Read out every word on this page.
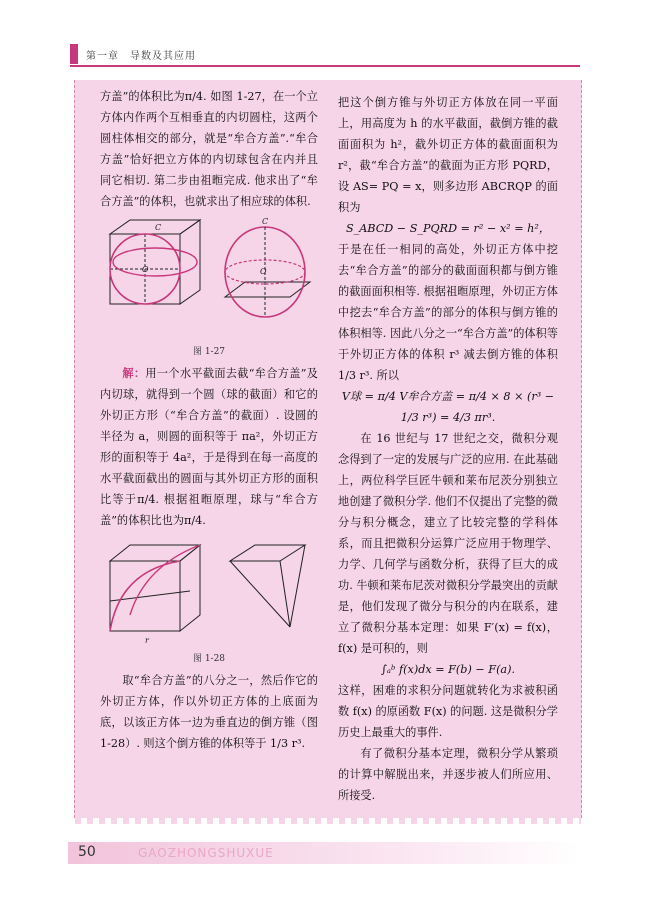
第一章　导数及其应用

方盖”的体积比为π/4. 如图 1-27，在一个立方体内作两个互相垂直的内切圆柱，这两个圆柱体相交的部分，就是“牟合方盖”.“牟合方盖”恰好把立方体的内切球包含在内并且同它相切. 第二步由祖暅完成. 他求出了“牟合方盖”的体积，也就求出了相应球的体积.

C
C
O	O

图 1-27

解：用一个水平截面去截“牟合方盖”及内切球，就得到一个圆（球的截面）和它的外切正方形（“牟合方盖”的截面）. 设圆的半径为 a，则圆的面积等于 πa²，外切正方形的面积等于 4a²，于是得到在每一高度的水平截面截出的圆面与其外切正方形的面积比等于π/4. 根据祖暅原理，球与“牟合方盖”的体积比也为π/4.

r

图 1-28

取“牟合方盖”的八分之一，然后作它的外切正方体，作以外切正方体的上底面为底，以该正方体一边为垂直边的倒方锥（图 1-28）. 则这个倒方锥的体积等于 1/3 r³.

把这个倒方锥与外切正方体放在同一平面上，用高度为 h 的水平截面，截倒方锥的截面面积为 h²，截外切正方体的截面面积为 r²，截“牟合方盖”的截面为正方形 PQRD，设 AS= PQ = x，则多边形 ABCRQP 的面积为

S_ABCD − S_PQRD = r² − x² = h²，

于是在任一相同的高处，外切正方体中挖去“牟合方盖”的部分的截面面积都与倒方锥的截面面积相等. 根据祖暅原理，外切正方体中挖去“牟合方盖”的部分的体积与倒方锥的体积相等. 因此八分之一“牟合方盖”的体积等于外切正方体的体积 r³ 减去倒方锥的体积 1/3 r³. 所以

V球 = π/4 V牟合方盖 = π/4 × 8 × (r³ − 1/3 r³) = 4/3 πr³.

在 16 世纪与 17 世纪之交，微积分观念得到了一定的发展与广泛的应用. 在此基础上，两位科学巨匠牛顿和莱布尼茨分别独立地创建了微积分学. 他们不仅提出了完整的微分与积分概念，建立了比较完整的学科体系，而且把微积分运算广泛应用于物理学、力学、几何学与函数分析，获得了巨大的成功. 牛顿和莱布尼茨对微积分学最突出的贡献是，他们发现了微分与积分的内在联系，建立了微积分基本定理：如果 F′(x) = f(x)，f(x) 是可积的，则

∫ₐᵇ f(x)dx = F(b) − F(a).

这样，困难的求积分问题就转化为求被积函数 f(x) 的原函数 F(x) 的问题. 这是微积分学历史上最重大的事件.

有了微积分基本定理，微积分学从繁琐的计算中解脱出来，并逐步被人们所应用、所接受.

50	GAOZHONGSHUXUE
